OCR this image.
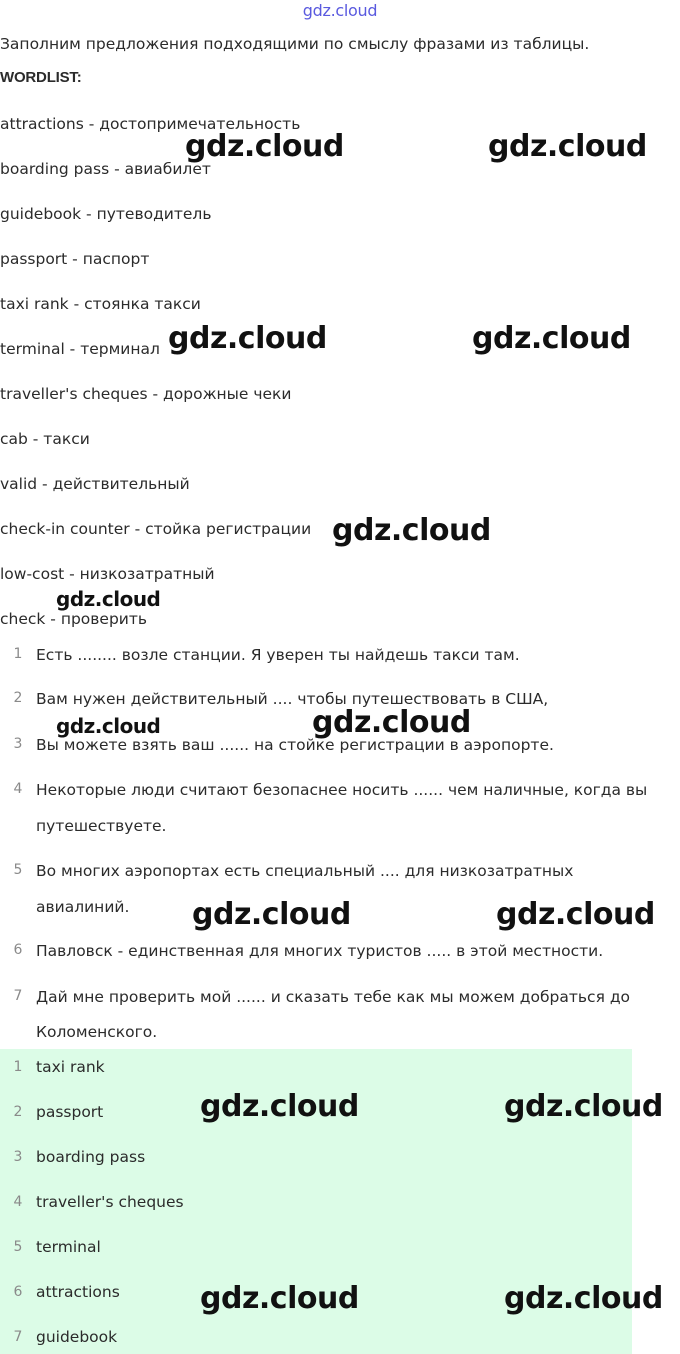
gdz.cloud
Заполним предложения подходящими по смыслу фразами из таблицы.
WORDLIST:
attractions - достопримечательность
boarding pass - авиабилет
guidebook - путеводитель
passport - паспорт
taxi rank - стоянка такси
terminal - терминал
traveller's cheques - дорожные чеки
cab - такси
valid - действительный
check-in counter - стойка регистрации
low-cost - низкозатратный
check - проверить
1 Есть ........ возле станции. Я уверен ты найдешь такси там.
2 Вам нужен действительный .... чтобы путешествовать в США,
3 Вы можете взять ваш ...... на стойке регистрации в аэропорте.
4 Некоторые люди считают безопаснее носить ...... чем наличные, когда вы
путешествуете.
5 Во многих аэропортах есть специальный .... для низкозатратных
авиалиний.
6 Павловск - единственная для многих туристов ..... в этой местности.
7 Дай мне проверить мой ...... и сказать тебе как мы можем добраться до
Коломенского.
1 taxi rank
2 passport
3 boarding pass
4 traveller's cheques
5 terminal
6 attractions
7 guidebook
gdz.cloud	gdz.cloud
gdz.cloud	gdz.cloud
gdz.cloud
gdz.cloud
gdz.cloud	gdz.cloud
gdz.cloud	gdz.cloud
gdz.cloud	gdz.cloud
gdz.cloud	gdz.cloud
